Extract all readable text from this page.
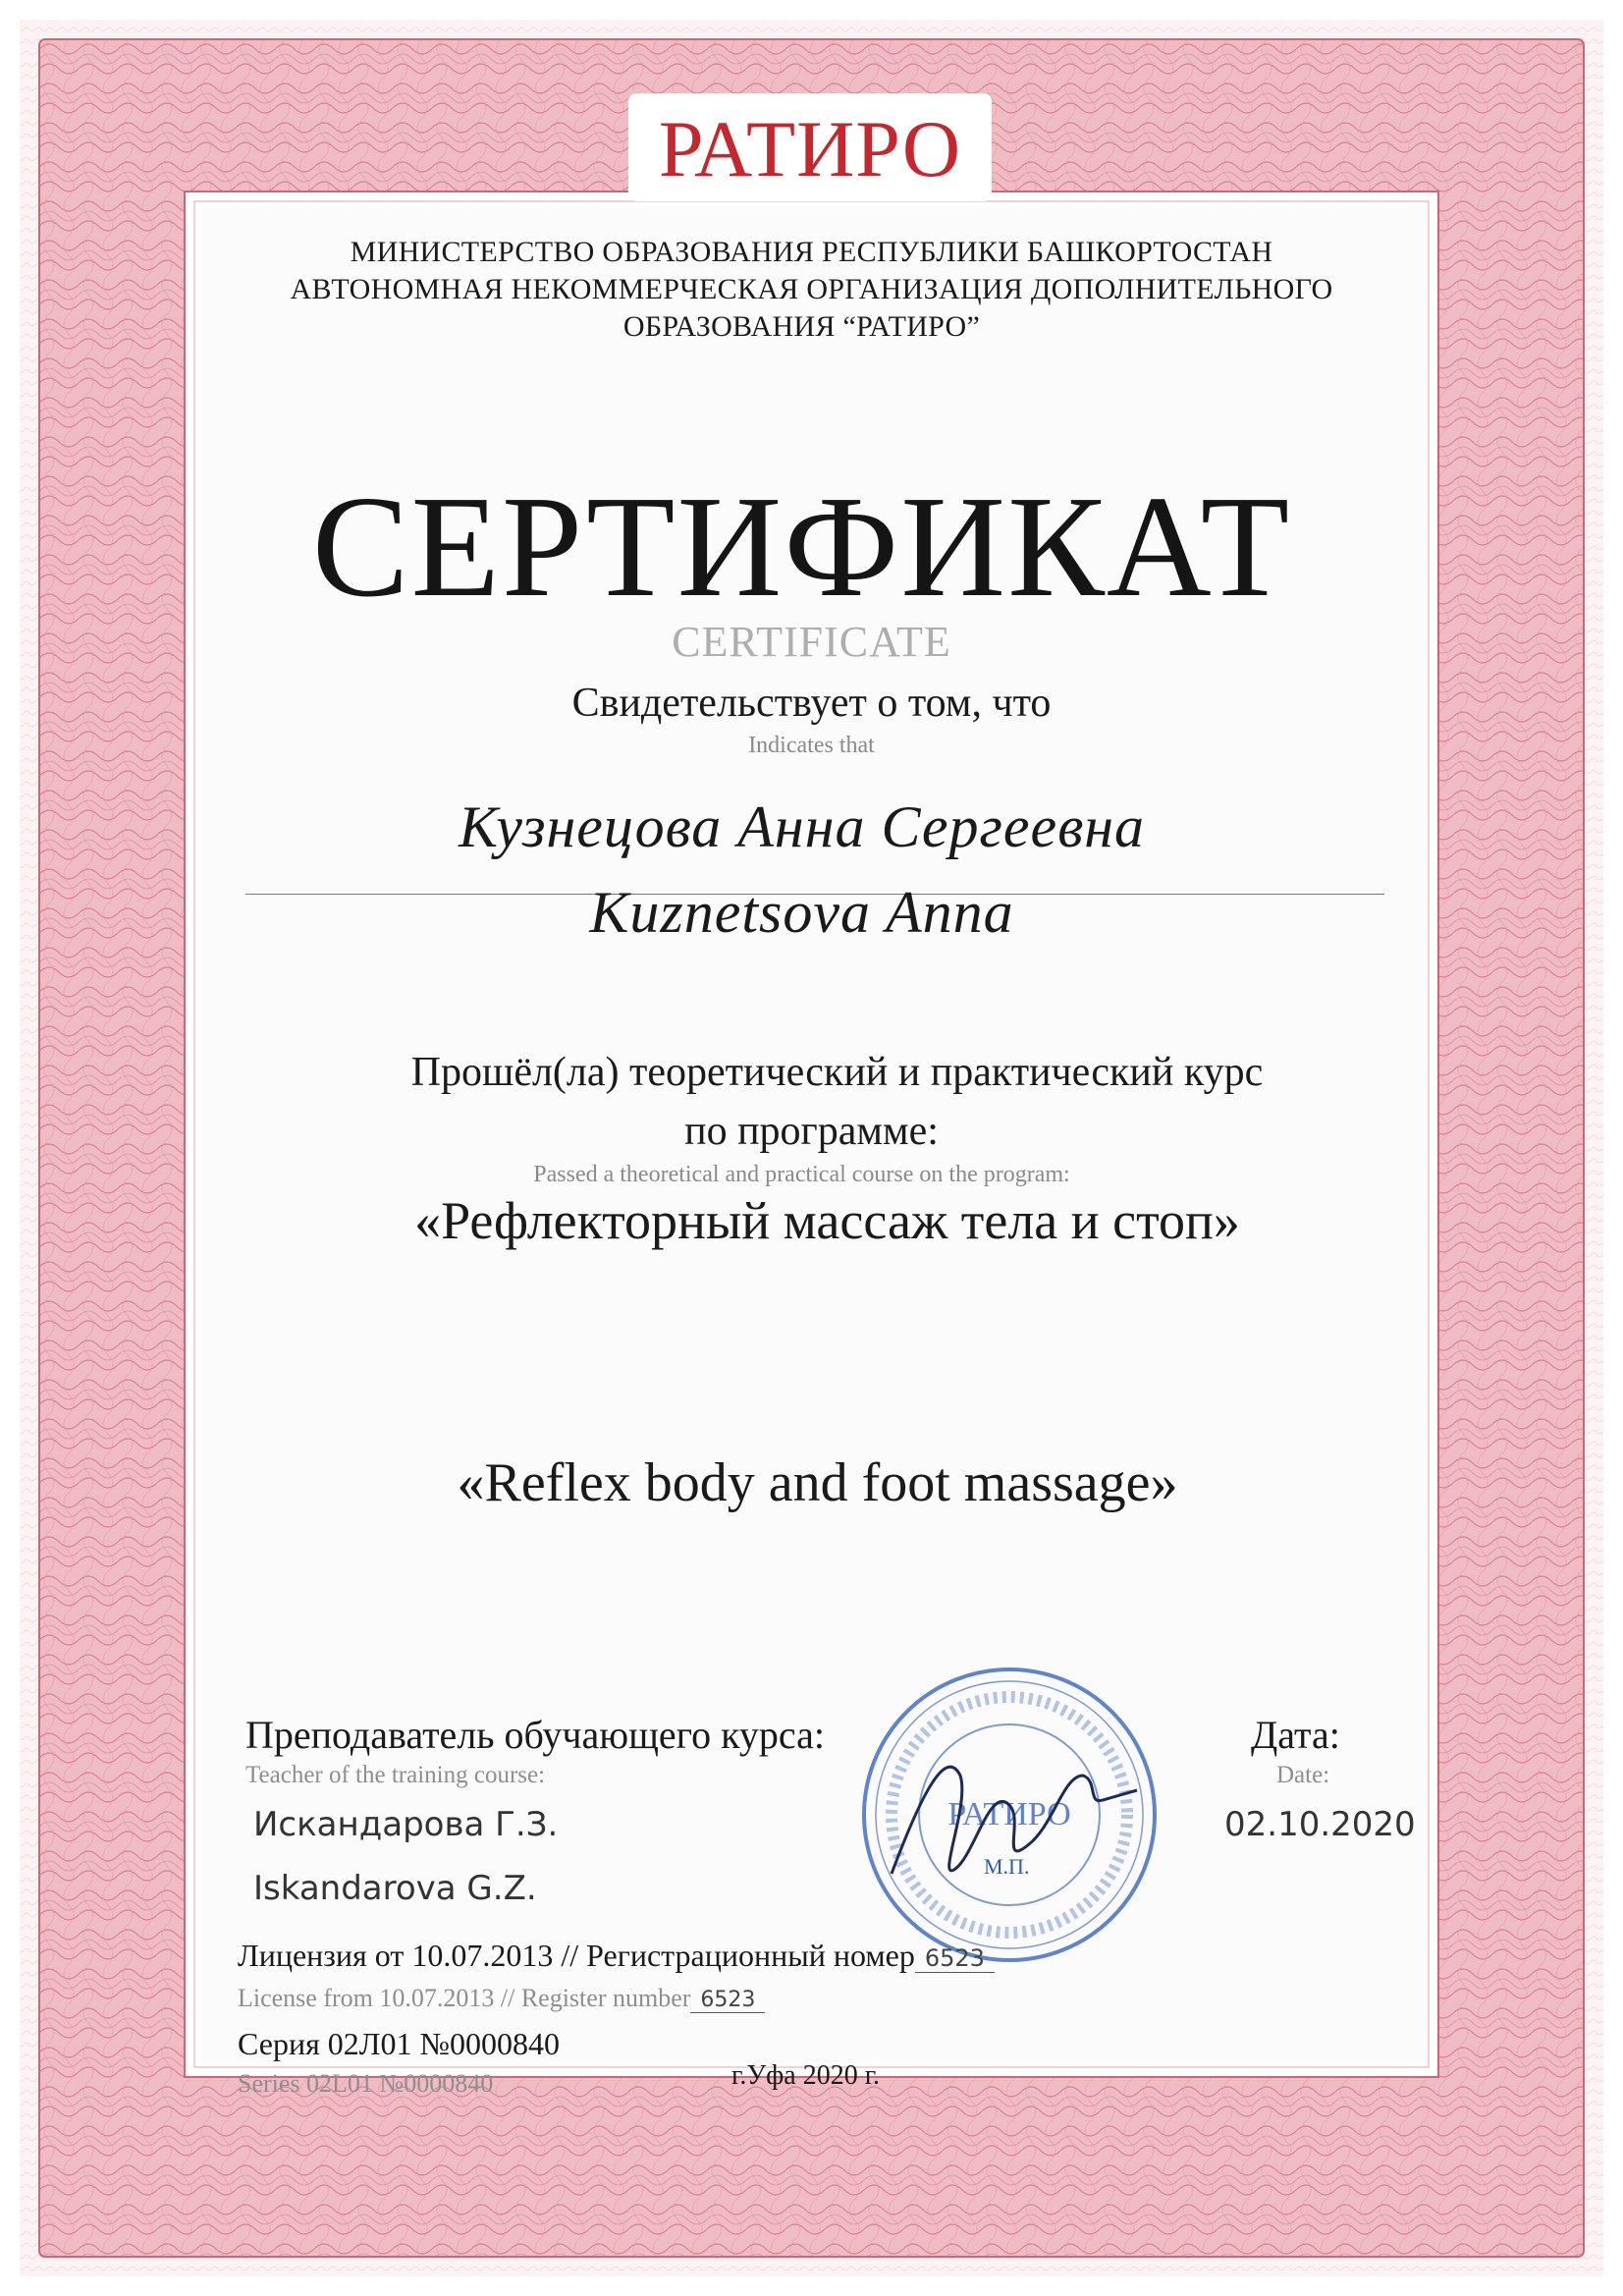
РАТИРО
МИНИСТЕРСТВО ОБРАЗОВАНИЯ РЕСПУБЛИКИ БАШКОРТОСТАН
АВТОНОМНАЯ НЕКОММЕРЧЕСКАЯ ОРГАНИЗАЦИЯ ДОПОЛНИТЕЛЬНОГО
ОБРАЗОВАНИЯ “РАТИРО”
СЕРТИФИКАТ
CERTIFICATE
Свидетельствует о том, что
Indicates that
Кузнецова Анна Сергеевна
Kuznetsova Anna
Прошёл(ла) теоретический и практический курс
по программе:
Passed a theoretical and practical course on the program:
«Рефлекторный массаж тела и стоп»
«Reflex body and foot massage»
РАТИРО
Преподаватель обучающего курса:
Teacher of the training course:
Искандарова Г.З.
Iskandarova G.Z.
Дата:
Date:
02.10.2020
М.П.
Лицензия от 10.07.2013 // Регистрационный номер 6523
License from 10.07.2013 // Register number 6523
Серия 02Л01 №0000840
Series 02L01 №0000840	г.Уфа 2020 г.
